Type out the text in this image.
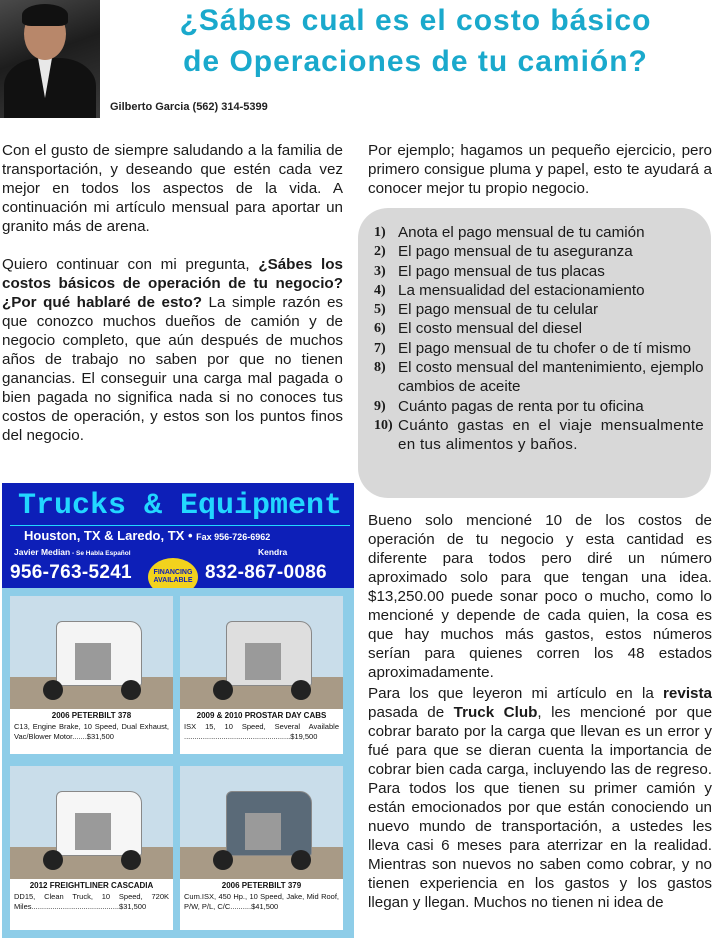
¿Sábes cual es el costo básico
de Operaciones de tu camión?
Gilberto Garcia (562) 314-5399

Con el gusto de siempre saludando a la familia de transportación, y deseando que estén cada vez mejor en todos los aspectos de la vida. A continuación mi artículo mensual para aportar un granito más de arena.

Quiero continuar con mi pregunta, ¿Sábes los costos básicos de operación de tu negocio? ¿Por qué hablaré de esto? La simple razón es que conozco muchos dueños de camión y de negocio completo, que aún después de muchos años de trabajo no saben por que no tienen ganancias. El conseguir una carga mal pagada o bien pagada no significa nada si no conoces tus costos de operación, y estos son los puntos finos del negocio.

Por ejemplo; hagamos un pequeño ejercicio, pero primero consigue pluma y papel, esto te ayudará a conocer mejor tu propio negocio.
1) Anota el pago mensual de tu camión
2) El pago mensual de tu aseguranza
3) El pago mensual de tus placas
4) La mensualidad del estacionamiento
5) El pago mensual de tu celular
6) El costo mensual del diesel
7) El pago mensual de tu chofer o de tí mismo
8) El costo mensual del mantenimiento, ejemplo cambios de aceite
9) Cuánto pagas de renta por tu oficina
10) Cuánto gastas en el viaje mensualmente en tus alimentos y baños.

Bueno solo mencioné 10 de los costos de operación de tu negocio y esta cantidad es diferente para todos pero diré un número aproximado solo para que tengan una idea. $13,250.00 puede sonar poco o mucho, como lo mencioné y depende de cada quien, la cosa es que hay muchos más gastos, estos números serían para quienes corren los 48 estados aproximadamente.

Para los que leyeron mi artículo en la revista pasada de Truck Club, les mencioné por que cobrar barato por la carga que llevan es un error y fué para que se dieran cuenta la importancia de cobrar bien cada carga, incluyendo las de regreso. Para todos los que tienen su primer camión y están emocionados por que están conociendo un nuevo mundo de transportación, a ustedes les lleva casi 6 meses para aterrizar en la realidad. Mientras son nuevos no saben como cobrar, y no tienen experiencia en los gastos y los gastos llegan y llegan. Muchos no tienen ni idea de

Trucks & Equipment
Houston, TX & Laredo, TX • Fax 956-726-6962
Javier Median - Se Habla Español	Kendra
956-763-5241	832-867-0086
FINANCING AVAILABLE
2006 PETERBILT 378
C13, Engine Brake, 10 Speed, Dual Exhaust, Vac/Blower Motor.......$31,500
2009 & 2010 PROSTAR DAY CABS
ISX 15, 10 Speed, Several Available ...................................................$19,500
2012 FREIGHTLINER CASCADIA
DD15, Clean Truck, 10 Speed, 720K Miles..........................................$31,500
2006 PETERBILT 379
Cum.ISX, 450 Hp., 10 Speed, Jake, Mid Roof, P/W, P/L, C/C..........$41,500
